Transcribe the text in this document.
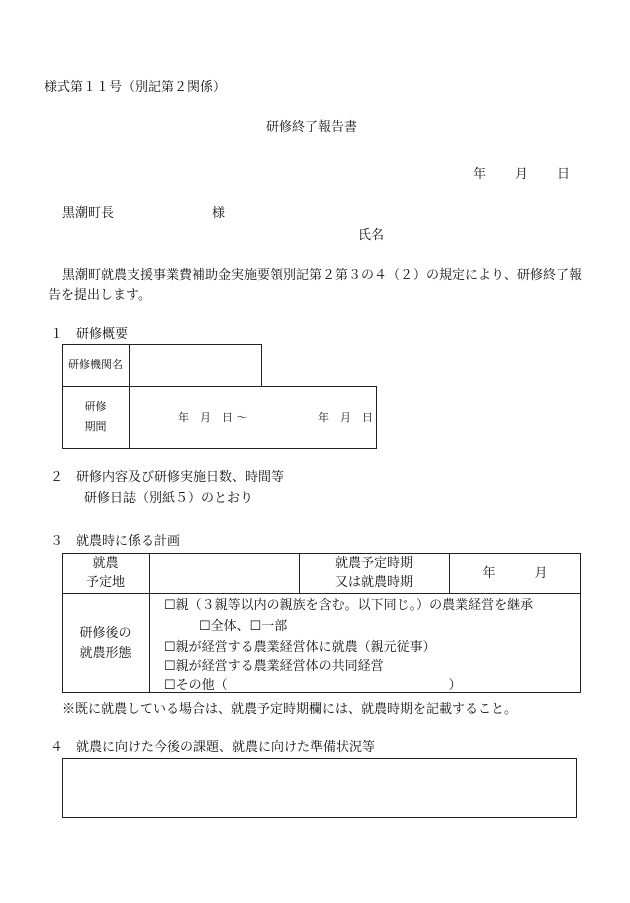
様式第１１号（別記第２関係）
研修終了報告書
年 月 日
黒潮町長	様
氏名
黒潮町就農支援事業費補助金実施要領別記第２第３の４（２）の規定により、研修終了報
告を提出します。
１　研修概要
研修機関名
研修
期間
年　月　日 ～	年　月　日
２　研修内容及び研修実施日数、時間等
研修日誌（別紙５）のとおり
３　就農時に係る計画
就農
予定地
就農予定時期
又は就農時期
年　　　月
研修後の
就農形態
☐親（３親等以内の親族を含む。以下同じ。）の農業経営を継承
☐全体、☐一部
☐親が経営する農業経営体に就農（親元従事）
☐親が経営する農業経営体の共同経営
☐その他（　　　　　　　　　　　　　　　　　）
※既に就農している場合は、就農予定時期欄には、就農時期を記載すること。
４　就農に向けた今後の課題、就農に向けた準備状況等
